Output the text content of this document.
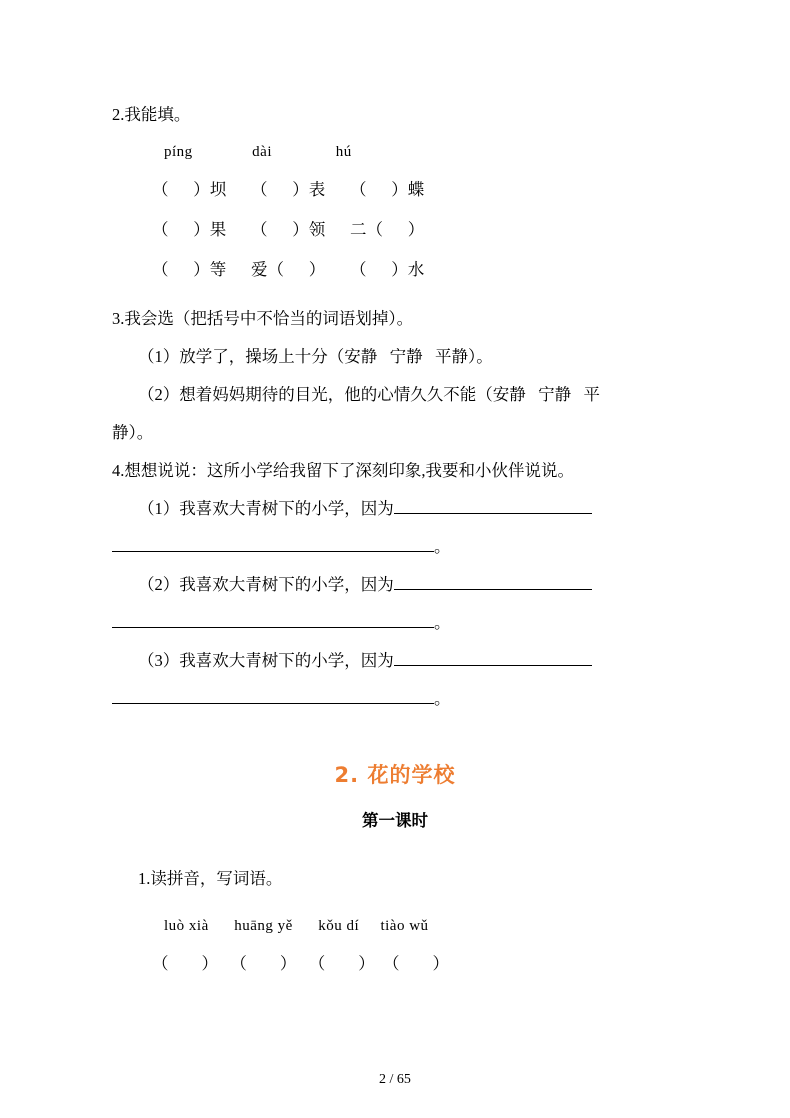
2.我能填。
píng              dài               hú
（      ）坝      （      ）表      （      ）蝶
（      ）果      （      ）领      二（      ）
（      ）等      爱（      ）      （      ）水
3.我会选（把括号中不恰当的词语划掉）。
（1）放学了，操场上十分（安静   宁静   平静）。
（2）想着妈妈期待的目光，他的心情久久不能（安静   宁静   平
静）。
4.想想说说：这所小学给我留下了深刻印象,我要和小伙伴说说。
（1）我喜欢大青树下的小学，因为
。
（2）我喜欢大青树下的小学，因为
。
（3）我喜欢大青树下的小学，因为
。
2. 花的学校
第一课时
1.读拼音，写词语。
luò xià      huāng yě      kǒu dí     tiào wǔ
（        ）   （        ）   （        ）  （        ）
2 / 65
